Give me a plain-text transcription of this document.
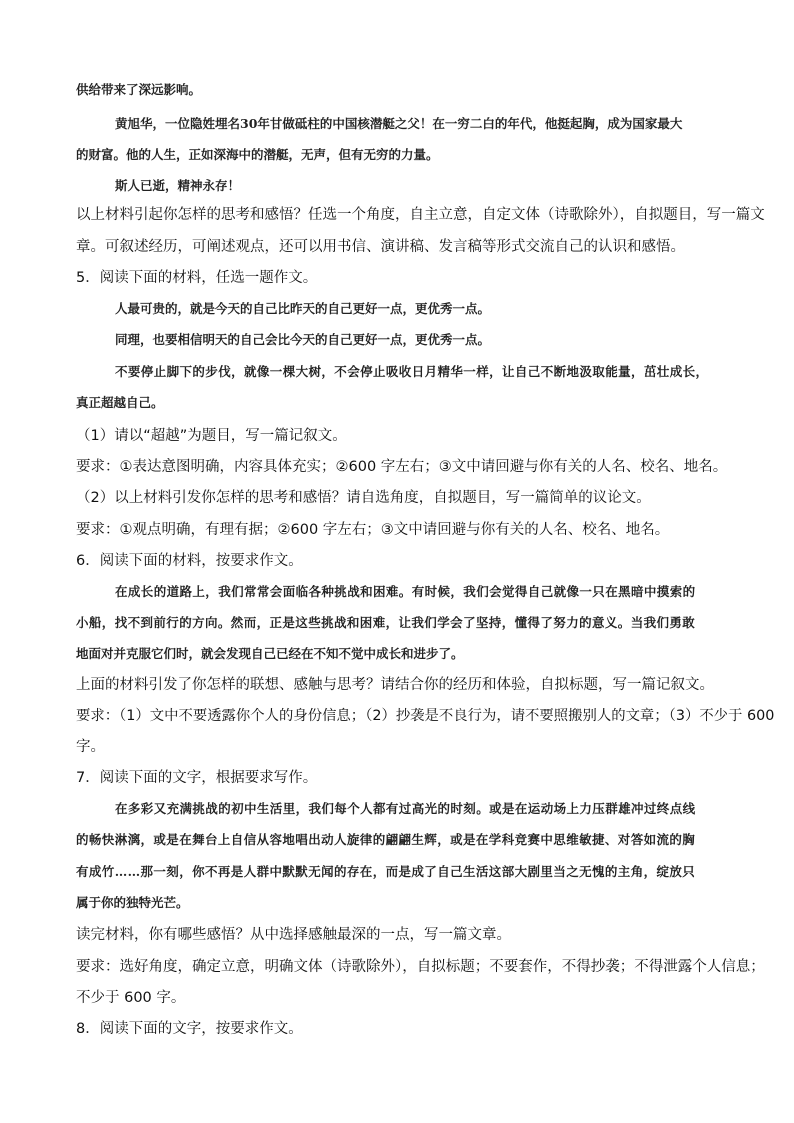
供给带来了深远影响。
黄旭华，一位隐姓埋名30年甘做砥柱的中国核潜艇之父！在一穷二白的年代，他挺起胸，成为国家最大
的财富。他的人生，正如深海中的潜艇，无声，但有无穷的力量。
斯人已逝，精神永存！
以上材料引起你怎样的思考和感悟？任选一个角度，自主立意，自定文体（诗歌除外），自拟题目，写一篇文
章。可叙述经历，可阐述观点，还可以用书信、演讲稿、发言稿等形式交流自己的认识和感悟。
5．阅读下面的材料，任选一题作文。
人最可贵的，就是今天的自己比昨天的自己更好一点，更优秀一点。
同理，也要相信明天的自己会比今天的自己更好一点，更优秀一点。
不要停止脚下的步伐，就像一棵大树，不会停止吸收日月精华一样，让自己不断地汲取能量，茁壮成长，
真正超越自己。
（1）请以“超越”为题目，写一篇记叙文。
要求：①表达意图明确，内容具体充实；②600 字左右；③文中请回避与你有关的人名、校名、地名。
（2）以上材料引发你怎样的思考和感悟？请自选角度，自拟题目，写一篇简单的议论文。
要求：①观点明确，有理有据；②600 字左右；③文中请回避与你有关的人名、校名、地名。
6．阅读下面的材料，按要求作文。
在成长的道路上，我们常常会面临各种挑战和困难。有时候，我们会觉得自己就像一只在黑暗中摸索的
小船，找不到前行的方向。然而，正是这些挑战和困难，让我们学会了坚持，懂得了努力的意义。当我们勇敢
地面对并克服它们时，就会发现自己已经在不知不觉中成长和进步了。
上面的材料引发了你怎样的联想、感触与思考？请结合你的经历和体验，自拟标题，写一篇记叙文。
要求：（1）文中不要透露你个人的身份信息；（2）抄袭是不良行为，请不要照搬别人的文章；（3）不少于 600
字。
7．阅读下面的文字，根据要求写作。
在多彩又充满挑战的初中生活里，我们每个人都有过高光的时刻。或是在运动场上力压群雄冲过终点线
的畅快淋漓，或是在舞台上自信从容地唱出动人旋律的翩翩生辉，或是在学科竞赛中思维敏捷、对答如流的胸
有成竹……那一刻，你不再是人群中默默无闻的存在，而是成了自己生活这部大剧里当之无愧的主角，绽放只
属于你的独特光芒。
读完材料，你有哪些感悟？从中选择感触最深的一点，写一篇文章。
要求：选好角度，确定立意，明确文体（诗歌除外），自拟标题；不要套作，不得抄袭；不得泄露个人信息；
不少于 600 字。
8．阅读下面的文字，按要求作文。
